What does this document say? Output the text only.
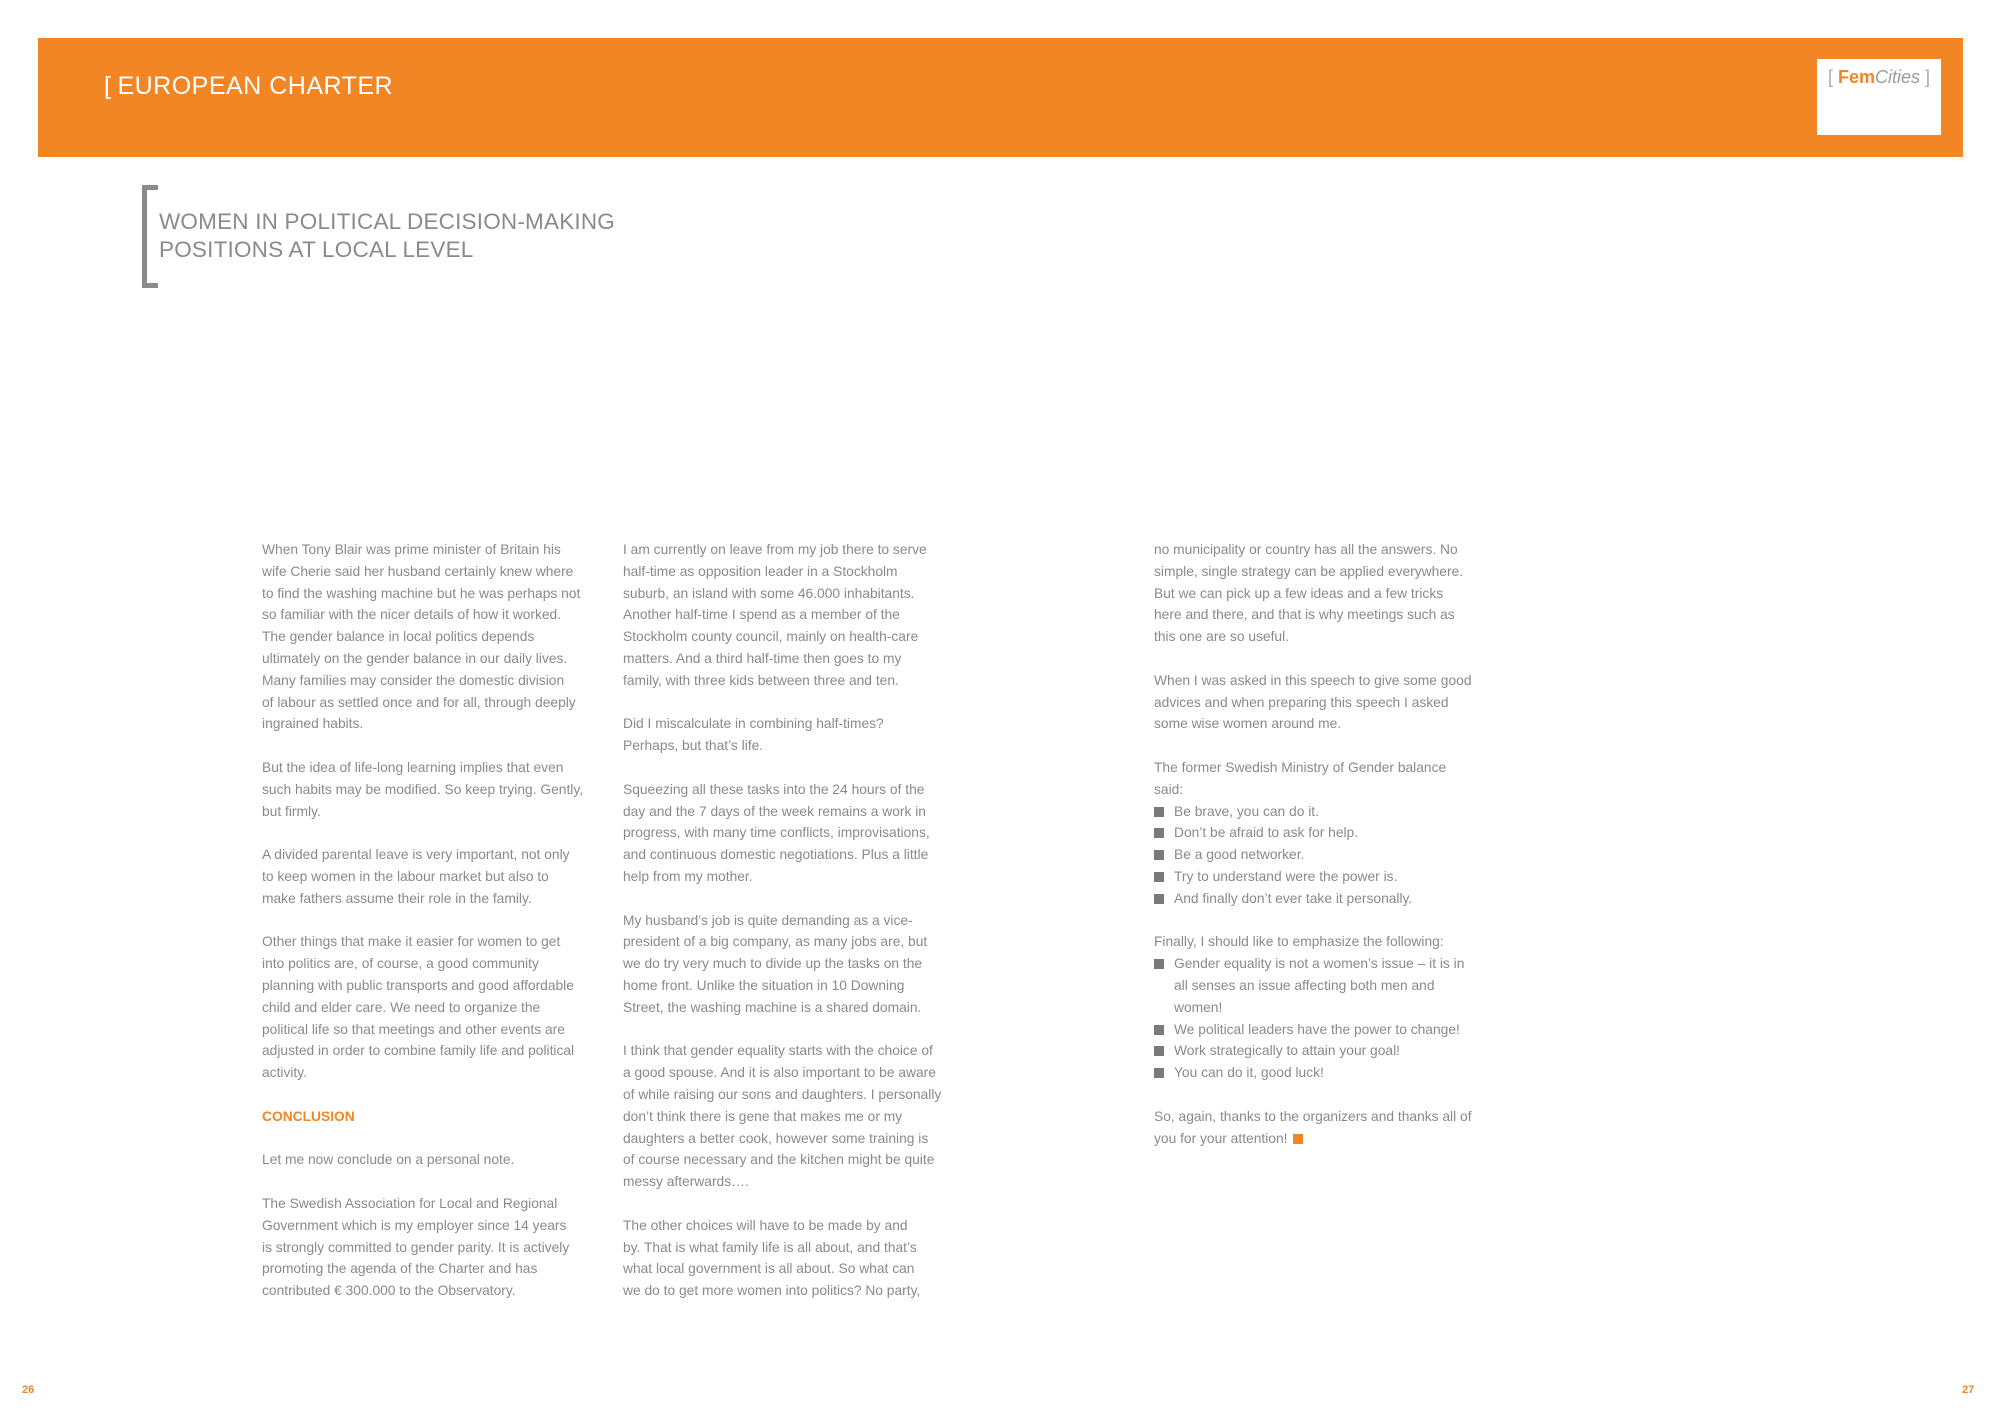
[ EUROPEAN CHARTER	[ FemCities ]
WOMEN IN POLITICAL DECISION-MAKING
POSITIONS AT LOCAL LEVEL

When Tony Blair was prime minister of Britain his
wife Cherie said her husband certainly knew where
to find the washing machine but he was perhaps not
so familiar with the nicer details of how it worked.
The gender balance in local politics depends
ultimately on the gender balance in our daily lives.
Many families may consider the domestic division
of labour as settled once and for all, through deeply
ingrained habits.

But the idea of life-long learning implies that even
such habits may be modified. So keep trying. Gently,
but firmly.

A divided parental leave is very important, not only
to keep women in the labour market but also to
make fathers assume their role in the family.

Other things that make it easier for women to get
into politics are, of course, a good community
planning with public transports and good affordable
child and elder care. We need to organize the
political life so that meetings and other events are
adjusted in order to combine family life and political
activity.

CONCLUSION

Let me now conclude on a personal note.

The Swedish Association for Local and Regional
Government which is my employer since 14 years
is strongly committed to gender parity. It is actively
promoting the agenda of the Charter and has
contributed € 300.000 to the Observatory.

I am currently on leave from my job there to serve
half-time as opposition leader in a Stockholm
suburb, an island with some 46.000 inhabitants.
Another half-time I spend as a member of the
Stockholm county council, mainly on health-care
matters. And a third half-time then goes to my
family, with three kids between three and ten.

Did I miscalculate in combining half-times?
Perhaps, but that’s life.

Squeezing all these tasks into the 24 hours of the
day and the 7 days of the week remains a work in
progress, with many time conflicts, improvisations,
and continuous domestic negotiations. Plus a little
help from my mother.

My husband’s job is quite demanding as a vice-
president of a big company, as many jobs are, but
we do try very much to divide up the tasks on the
home front. Unlike the situation in 10 Downing
Street, the washing machine is a shared domain.

I think that gender equality starts with the choice of
a good spouse. And it is also important to be aware
of while raising our sons and daughters. I personally
don’t think there is gene that makes me or my
daughters a better cook, however some training is
of course necessary and the kitchen might be quite
messy afterwards….

The other choices will have to be made by and
by. That is what family life is all about, and that’s
what local government is all about. So what can
we do to get more women into politics? No party,

no municipality or country has all the answers. No
simple, single strategy can be applied everywhere.
But we can pick up a few ideas and a few tricks
here and there, and that is why meetings such as
this one are so useful.

When I was asked in this speech to give some good
advices and when preparing this speech I asked
some wise women around me.

The former Swedish Ministry of Gender balance
said:

Be brave, you can do it.
Don’t be afraid to ask for help.
Be a good networker.
Try to understand were the power is.
And finally don’t ever take it personally.

Finally, I should like to emphasize the following:

Gender equality is not a women’s issue – it is in
all senses an issue affecting both men and
women!
We political leaders have the power to change!
Work strategically to attain your goal!
You can do it, good luck!

So, again, thanks to the organizers and thanks all of
you for your attention!

26	27
